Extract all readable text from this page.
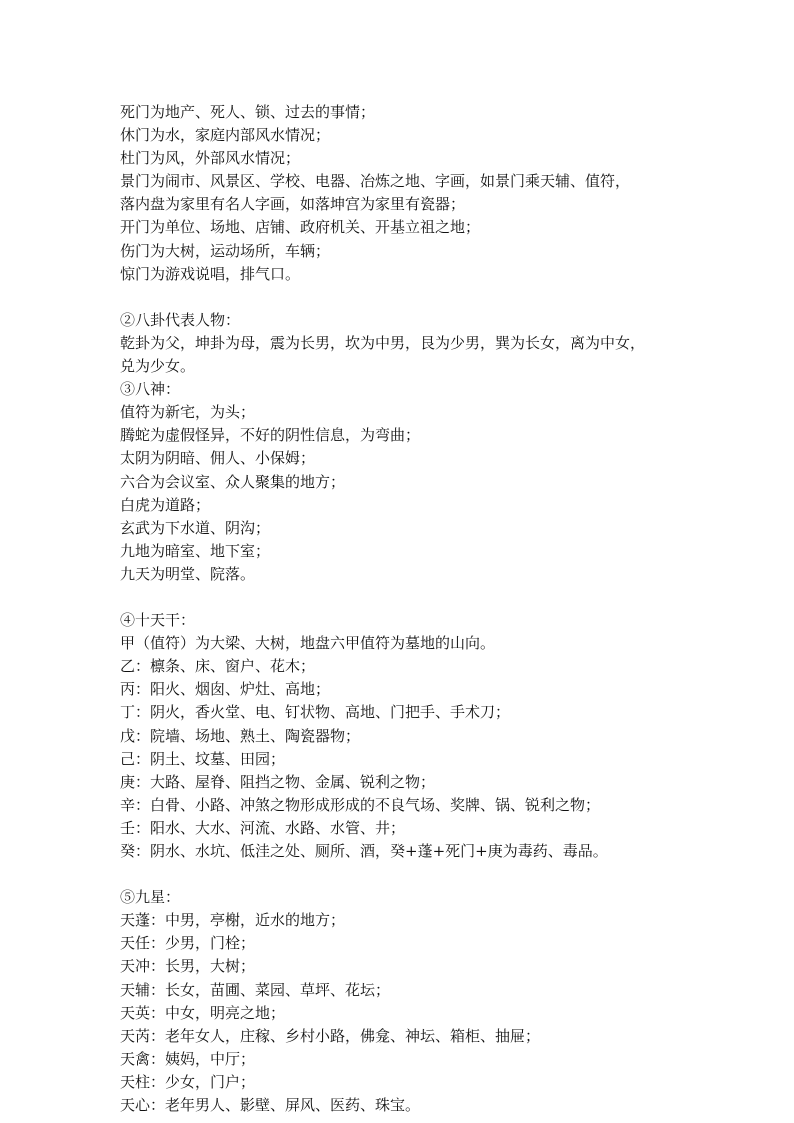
死门为地产、死人、锁、过去的事情；
休门为水，家庭内部风水情况；
杜门为风，外部风水情况；
景门为闹市、风景区、学校、电器、冶炼之地、字画，如景门乘天辅、值符，
落内盘为家里有名人字画，如落坤宫为家里有瓷器；
开门为单位、场地、店铺、政府机关、开基立祖之地；
伤门为大树，运动场所，车辆；
惊门为游戏说唱，排气口。
②八卦代表人物：
乾卦为父，坤卦为母，震为长男，坎为中男，艮为少男，巽为长女，离为中女，
兑为少女。
③八神：
值符为新宅，为头；
腾蛇为虚假怪异，不好的阴性信息，为弯曲；
太阴为阴暗、佣人、小保姆；
六合为会议室、众人聚集的地方；
白虎为道路；
玄武为下水道、阴沟；
九地为暗室、地下室；
九天为明堂、院落。
④十天干：
甲（值符）为大梁、大树，地盘六甲值符为墓地的山向。
乙：檩条、床、窗户、花木；
丙：阳火、烟囱、炉灶、高地；
丁：阴火，香火堂、电、钉状物、高地、门把手、手术刀；
戊：院墙、场地、熟土、陶瓷器物；
己：阴土、坟墓、田园；
庚：大路、屋脊、阻挡之物、金属、锐利之物；
辛：白骨、小路、冲煞之物形成形成的不良气场、奖牌、锅、锐利之物；
壬：阳水、大水、河流、水路、水管、井；
癸：阴水、水坑、低洼之处、厕所、酒，癸+蓬+死门+庚为毒药、毒品。
⑤九星：
天蓬：中男，亭榭，近水的地方；
天任：少男，门栓；
天冲：长男，大树；
天辅：长女，苗圃、菜园、草坪、花坛；
天英：中女，明亮之地；
天芮：老年女人，庄稼、乡村小路，佛龛、神坛、箱柜、抽屉；
天禽：姨妈，中厅；
天柱：少女，门户；
天心：老年男人、影壁、屏风、医药、珠宝。
